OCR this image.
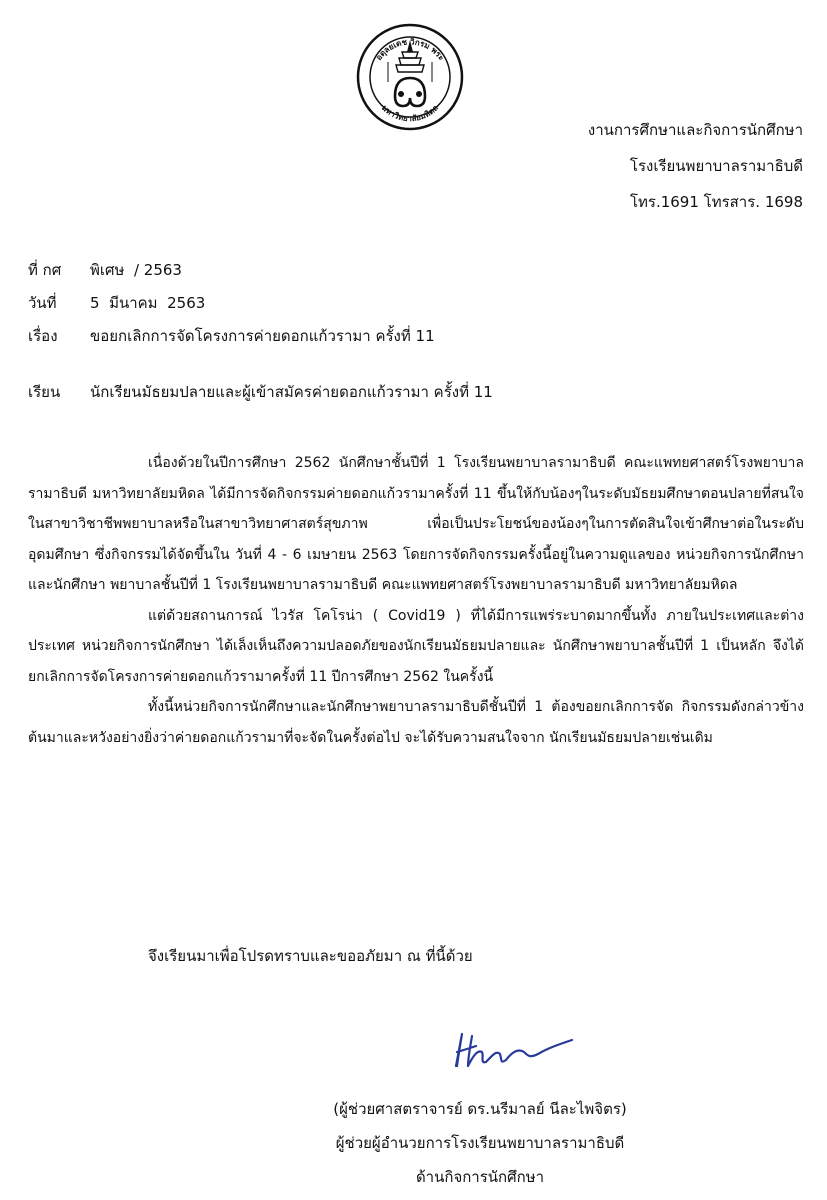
อดุลยเดช วิกรม พระ
มหาวิทยาลัยมหิดล
งานการศึกษาและกิจการนักศึกษา
โรงเรียนพยาบาลรามาธิบดี
โทร.1691 โทรสาร. 1698
ที่ กศ	พิเศษ  / 2563
วันที่	5  มีนาคม  2563
เรื่อง	ขอยกเลิกการจัดโครงการค่ายดอกแก้วรามา ครั้งที่ 11
เรียน	นักเรียนมัธยมปลายและผู้เข้าสมัครค่ายดอกแก้วรามา ครั้งที่ 11

เนื่องด้วยในปีการศึกษา 2562 นักศึกษาชั้นปีที่ 1 โรงเรียนพยาบาลรามาธิบดี คณะแพทยศาสตร์โรงพยาบาลรามาธิบดี มหาวิทยาลัยมหิดล ได้มีการจัดกิจกรรมค่ายดอกแก้วรามาครั้งที่ 11 ขึ้นให้กับน้องๆในระดับมัธยมศึกษาตอนปลายที่สนใจในสาขาวิชาชีพพยาบาลหรือในสาขาวิทยาศาสตร์สุขภาพ เพื่อเป็นประโยชน์ของน้องๆในการตัดสินใจเข้าศึกษาต่อในระดับอุดมศึกษา ซึ่งกิจกรรมได้จัดขึ้นใน วันที่ 4 - 6 เมษายน 2563 โดยการจัดกิจกรรมครั้งนี้อยู่ในความดูแลของ หน่วยกิจการนักศึกษาและนักศึกษา พยาบาลชั้นปีที่ 1 โรงเรียนพยาบาลรามาธิบดี คณะแพทยศาสตร์โรงพยาบาลรามาธิบดี มหาวิทยาลัยมหิดล

แต่ด้วยสถานการณ์ ไวรัส โคโรน่า ( Covid19 ) ที่ได้มีการแพร่ระบาดมากขึ้นทั้ง ภายในประเทศและต่างประเทศ หน่วยกิจการนักศึกษา ได้เล็งเห็นถึงความปลอดภัยของนักเรียนมัธยมปลายและ นักศึกษาพยาบาลชั้นปีที่ 1 เป็นหลัก จึงได้ยกเลิกการจัดโครงการค่ายดอกแก้วรามาครั้งที่ 11 ปีการศึกษา 2562 ในครั้งนี้

ทั้งนี้หน่วยกิจการนักศึกษาและนักศึกษาพยาบาลรามาธิบดีชั้นปีที่ 1 ต้องขอยกเลิกการจัด กิจกรรมดังกล่าวข้างต้นมาและหวังอย่างยิ่งว่าค่ายดอกแก้วรามาที่จะจัดในครั้งต่อไป จะได้รับความสนใจจาก นักเรียนมัธยมปลายเช่นเดิม

จึงเรียนมาเพื่อโปรดทราบและขออภัยมา ณ ที่นี้ด้วย
(ผู้ช่วยศาสตราจารย์ ดร.นรีมาลย์ นีละไพจิตร)
ผู้ช่วยผู้อำนวยการโรงเรียนพยาบาลรามาธิบดี
ด้านกิจการนักศึกษา
